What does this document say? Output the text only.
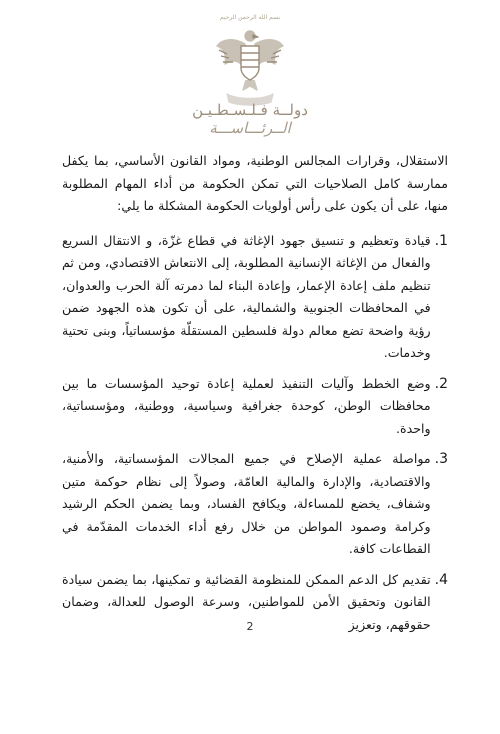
بسم الله الرحمن الرحيم
دولــة فـلـسـطـيـن
الــرئـــاســـة

الاستقلال، وقرارات المجالس الوطنية، ومواد القانون الأساسي، بما يكفل ممارسة كامل الصلاحيات التي تمكن الحكومة من أداء المهام المطلوبة منها، على أن يكون على رأس أولويات الحكومة المشكلة ما يلي:

1.
قيادة وتعظيم و تنسيق جهود الإغاثة في قطاع غزّة، و الانتقال السريع والفعال من الإغاثة الإنسانية المطلوبة، إلى الانتعاش الاقتصادي، ومن ثم تنظيم ملف إعادة الإعمار، وإعادة البناء لما دمرته آلة الحرب والعدوان، في المحافظات الجنوبية والشمالية، على أن تكون هذه الجهود ضمن رؤية واضحة تضع معالم دولة فلسطين المستقلّة مؤسساتياً، وبنى تحتية وخدمات.
2.
وضع الخطط وآليات التنفيذ لعملية إعادة توحيد المؤسسات ما بين محافظات الوطن، كوحدة جغرافية وسياسية، ووطنية، ومؤسساتية، واحدة.
3.
مواصلة عملية الإصلاح في جميع المجالات المؤسساتية، والأمنية، والاقتصادية، والإدارة والمالية العامّة، وصولاً إلى نظام حوكمة متين وشفاف، يخضع للمساءلة، ويكافح الفساد، وبما يضمن الحكم الرشيد وكرامة وصمود المواطن من خلال رفع أداء الخدمات المقدّمة في القطاعات كافة.
4.
تقديم كل الدعم الممكن للمنظومة القضائية و تمكينها، بما يضمن سيادة القانون وتحقيق الأمن للمواطنين، وسرعة الوصول للعدالة، وضمان حقوقهم، وتعزيز
2
